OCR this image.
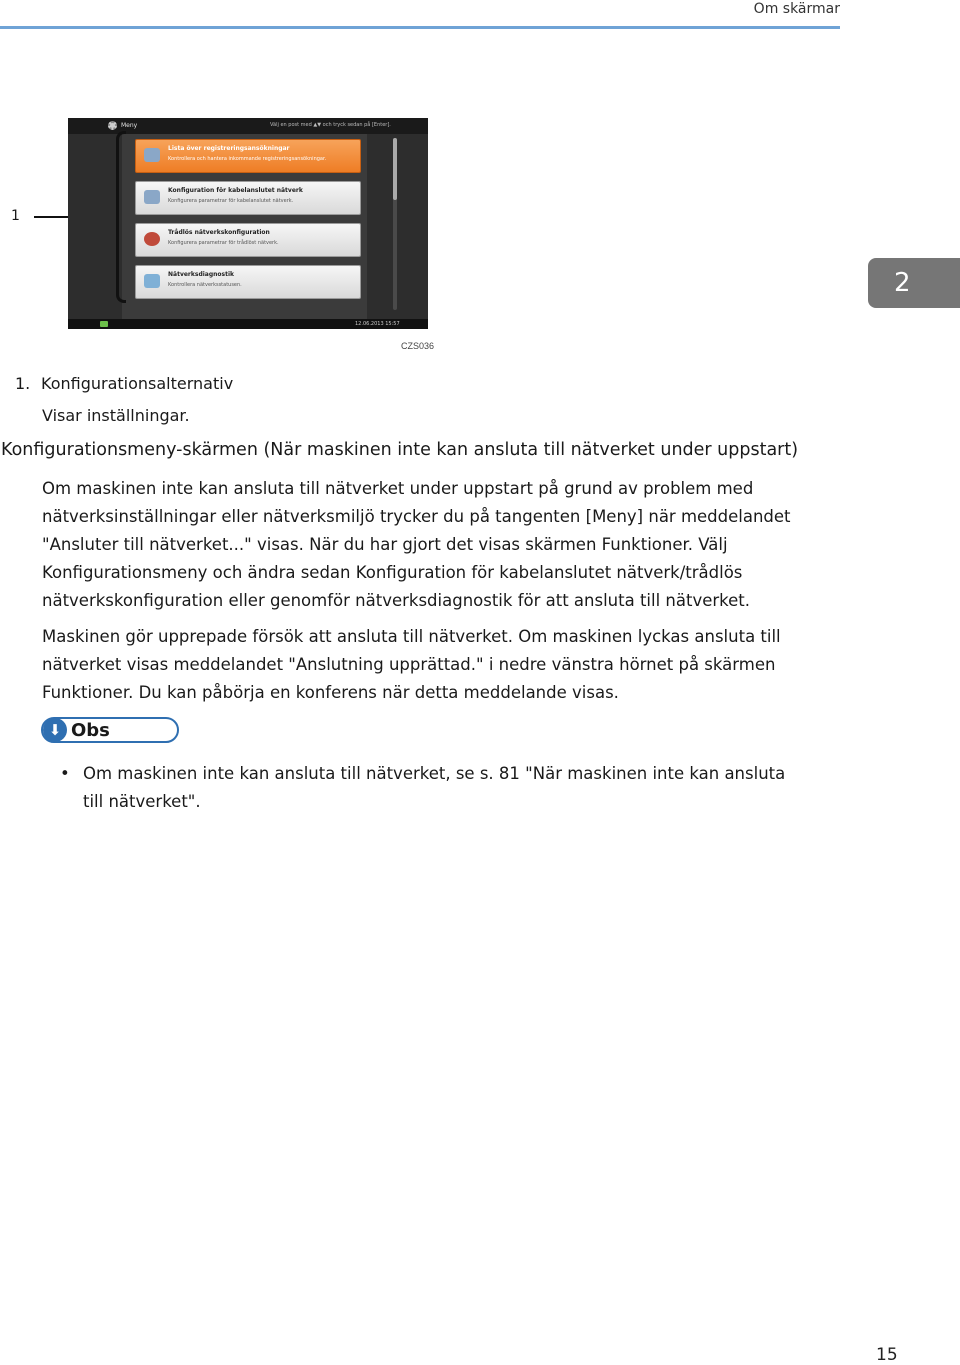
Om skärmar
2
1
Meny	Välj en post med ▲▼ och tryck sedan på [Enter].
Lista över registreringsansökningar
Kontrollera och hantera inkommande registreringsansökningar.
Konfiguration för kabelanslutet nätverk
Konfigurera parametrar för kabelanslutet nätverk.
Trådlös nätverkskonfiguration
Konfigurera parametrar för trådlöst nätverk.
Nätverksdiagnostik
Kontrollera nätverksstatusen.
12.06.2013 15:57
CZS036
1. Konfigurationsalternativ
Visar inställningar.
Konfigurationsmeny-skärmen (När maskinen inte kan ansluta till nätverket under uppstart)

Om maskinen inte kan ansluta till nätverket under uppstart på grund av problem med nätverksinställningar eller nätverksmiljö trycker du på tangenten [Meny] när meddelandet "Ansluter till nätverket..." visas. När du har gjort det visas skärmen Funktioner. Välj Konfigurationsmeny och ändra sedan Konfiguration för kabelanslutet nätverk/trådlös nätverkskonfiguration eller genomför nätverksdiagnostik för att ansluta till nätverket.

Maskinen gör upprepade försök att ansluta till nätverket. Om maskinen lyckas ansluta till nätverket visas meddelandet "Anslutning upprättad." i nedre vänstra hörnet på skärmen Funktioner. Du kan påbörja en konferens när detta meddelande visas.

⬇ Obs
• Om maskinen inte kan ansluta till nätverket, se s. 81 "När maskinen inte kan ansluta till nätverket".
15
